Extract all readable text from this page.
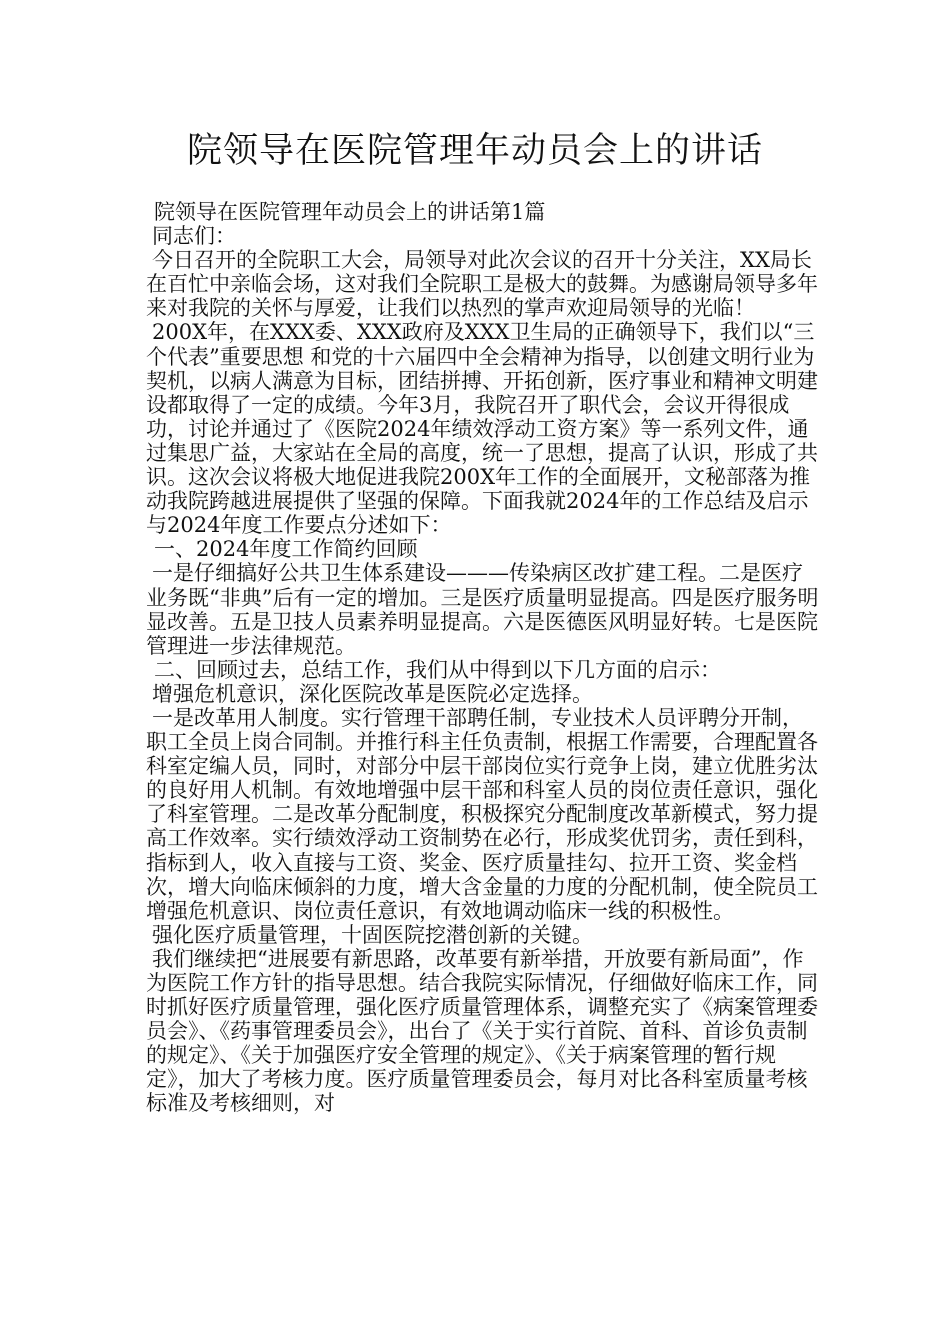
院领导在医院管理年动员会上的讲话

院领导在医院管理年动员会上的讲话第1篇

同志们：

今日召开的全院职工大会，局领导对此次会议的召开十分关注，XX局长在百忙中亲临会场，这对我们全院职工是极大的鼓舞。为感谢局领导多年来对我院的关怀与厚爱，让我们以热烈的掌声欢迎局领导的光临！

200X年，在XXX委、XXX政府及XXX卫生局的正确领导下，我们以“三个代表”重要思想 和党的十六届四中全会精神为指导，以创建文明行业为契机，以病人满意为目标，团结拼搏、开拓创新，医疗事业和精神文明建设都取得了一定的成绩。今年3月，我院召开了职代会，会议开得很成功，讨论并通过了《医院2024年绩效浮动工资方案》等一系列文件，通过集思广益，大家站在全局的高度，统一了思想，提高了认识，形成了共识。这次会议将极大地促进我院200X年工作的全面展开，文秘部落为推动我院跨越进展提供了坚强的保障。下面我就2024年的工作总结及启示与2024年度工作要点分述如下：

一、2024年度工作简约回顾

一是仔细搞好公共卫生体系建设———传染病区改扩建工程。二是医疗业务既“非典”后有一定的增加。三是医疗质量明显提高。四是医疗服务明显改善。五是卫技人员素养明显提高。六是医德医风明显好转。七是医院管理进一步法律规范。

二、回顾过去，总结工作，我们从中得到以下几方面的启示：

增强危机意识，深化医院改革是医院必定选择。

一是改革用人制度。实行管理干部聘任制，专业技术人员评聘分开制，职工全员上岗合同制。并推行科主任负责制，根据工作需要，合理配置各科室定编人员，同时，对部分中层干部岗位实行竞争上岗，建立优胜劣汰的良好用人机制。有效地增强中层干部和科室人员的岗位责任意识，强化了科室管理。二是改革分配制度，积极探究分配制度改革新模式，努力提高工作效率。实行绩效浮动工资制势在必行，形成奖优罚劣，责任到科，指标到人，收入直接与工资、奖金、医疗质量挂勾、拉开工资、奖金档次，增大向临床倾斜的力度，增大含金量的力度的分配机制，使全院员工增强危机意识、岗位责任意识，有效地调动临床一线的积极性。

强化医疗质量管理，十固医院挖潜创新的关键。

我们继续把“进展要有新思路，改革要有新举措，开放要有新局面”，作为医院工作方针的指导思想。结合我院实际情况，仔细做好临床工作，同时抓好医疗质量管理，强化医疗质量管理体系，调整充实了《病案管理委员会》、《药事管理委员会》，出台了《关于实行首院、首科、首诊负责制的规定》、《关于加强医疗安全管理的规定》、《关于病案管理的暂行规定》，加大了考核力度。医疗质量管理委员会，每月对比各科室质量考核标准及考核细则，对
